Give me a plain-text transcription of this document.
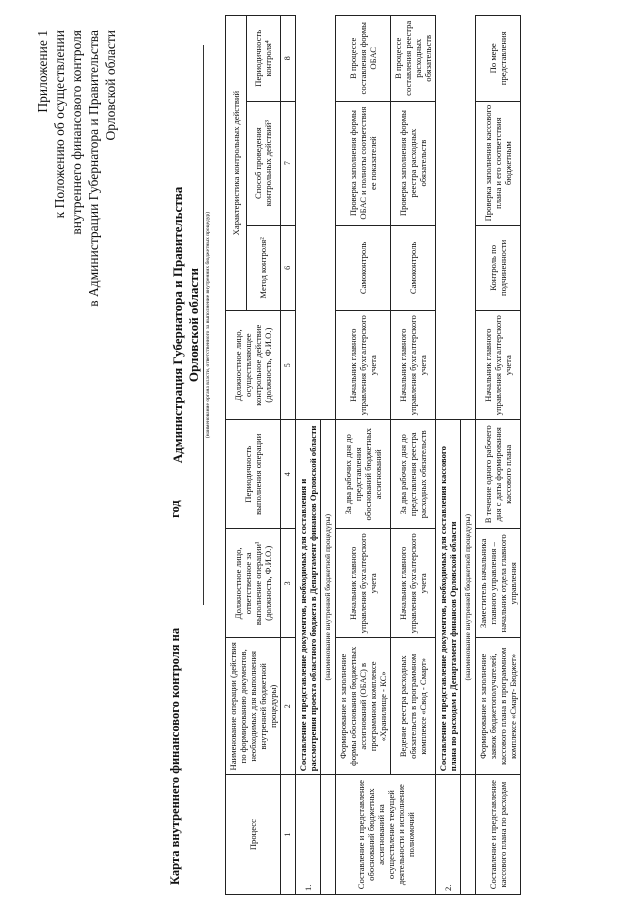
Приложение 1 к Положению об осуществлении внутреннего финансового контроля в Администрации Губернатора и Правительства Орловской области
Карта внутреннего финансового контроля нагод
Администрация Губернатора и Правительства Орловской области (наименование органа власти, ответственного за выполнение внутренних бюджетных процедур)
Процесс	Наименование операции (действия по формированию документов, необходимых для выполнения внутренней бюджетной процедуры)	Должностное лицо, ответственное за выполнение операции¹ (должность, Ф.И.О.)	Периодичность выполнения операции	Должностное лицо, осуществляющее контрольное действие (должность, Ф.И.О.)	Характеристика контрольных действий		
					Метод контроля²	Способ проведения контрольных действий³	Периодичность контроля⁴
1	2	3	4	5	6	7	8
1.	Составление и представление документов, необходимых для составления и рассмотрения проекта областного бюджета в Департамент финансов Орловской области						
	(наименование внутренней бюджетной процедуры)						
Составление и представление обоснований бюджетных ассигнований на осуществление текущей деятельности и исполнение полномочий	Формирование и заполнение формы обоснования бюджетных ассигнований (ОБАС) в программном комплексе «Хранилище - КС»	Начальник главного управления бухгалтерского учета	За два рабочих дня до представления обоснований бюджетных ассигнований	Начальник главного управления бухгалтерского учета	Самоконтроль	Проверка заполнения формы ОБАС и полноты соответствия ее показателей	В процессе составления формы ОБАС
	Ведение реестра расходных обязательств в программном комплексе «Свод - Смарт»	Начальник главного управления бухгалтерского учета	За два рабочих дня до представления реестра расходных обязательств	Начальник главного управления бухгалтерского учета	Самоконтроль	Проверка заполнения формы реестра расходных обязательств	В процессе составления реестра расходных обязательств
2.	Составление и представление документов, необходимых для составления кассового плана по расходам в Департамент финансов Орловской области						
	(наименование внутренней бюджетной процедуры)						
Составление и представление кассового плана по расходам	Формирование и заполнение заявок бюджетополучателей, кассового плана в программном комплексе «Смарт- Бюджет»	Заместитель начальника главного управления – начальник отдела главного управления	В течение одного рабочего дня с даты формирования кассового плана	Начальник главного управления бухгалтерского учета	Контроль по подчиненности	Проверка заполнения кассового плана и его соответствия бюджетным	По мере представления
